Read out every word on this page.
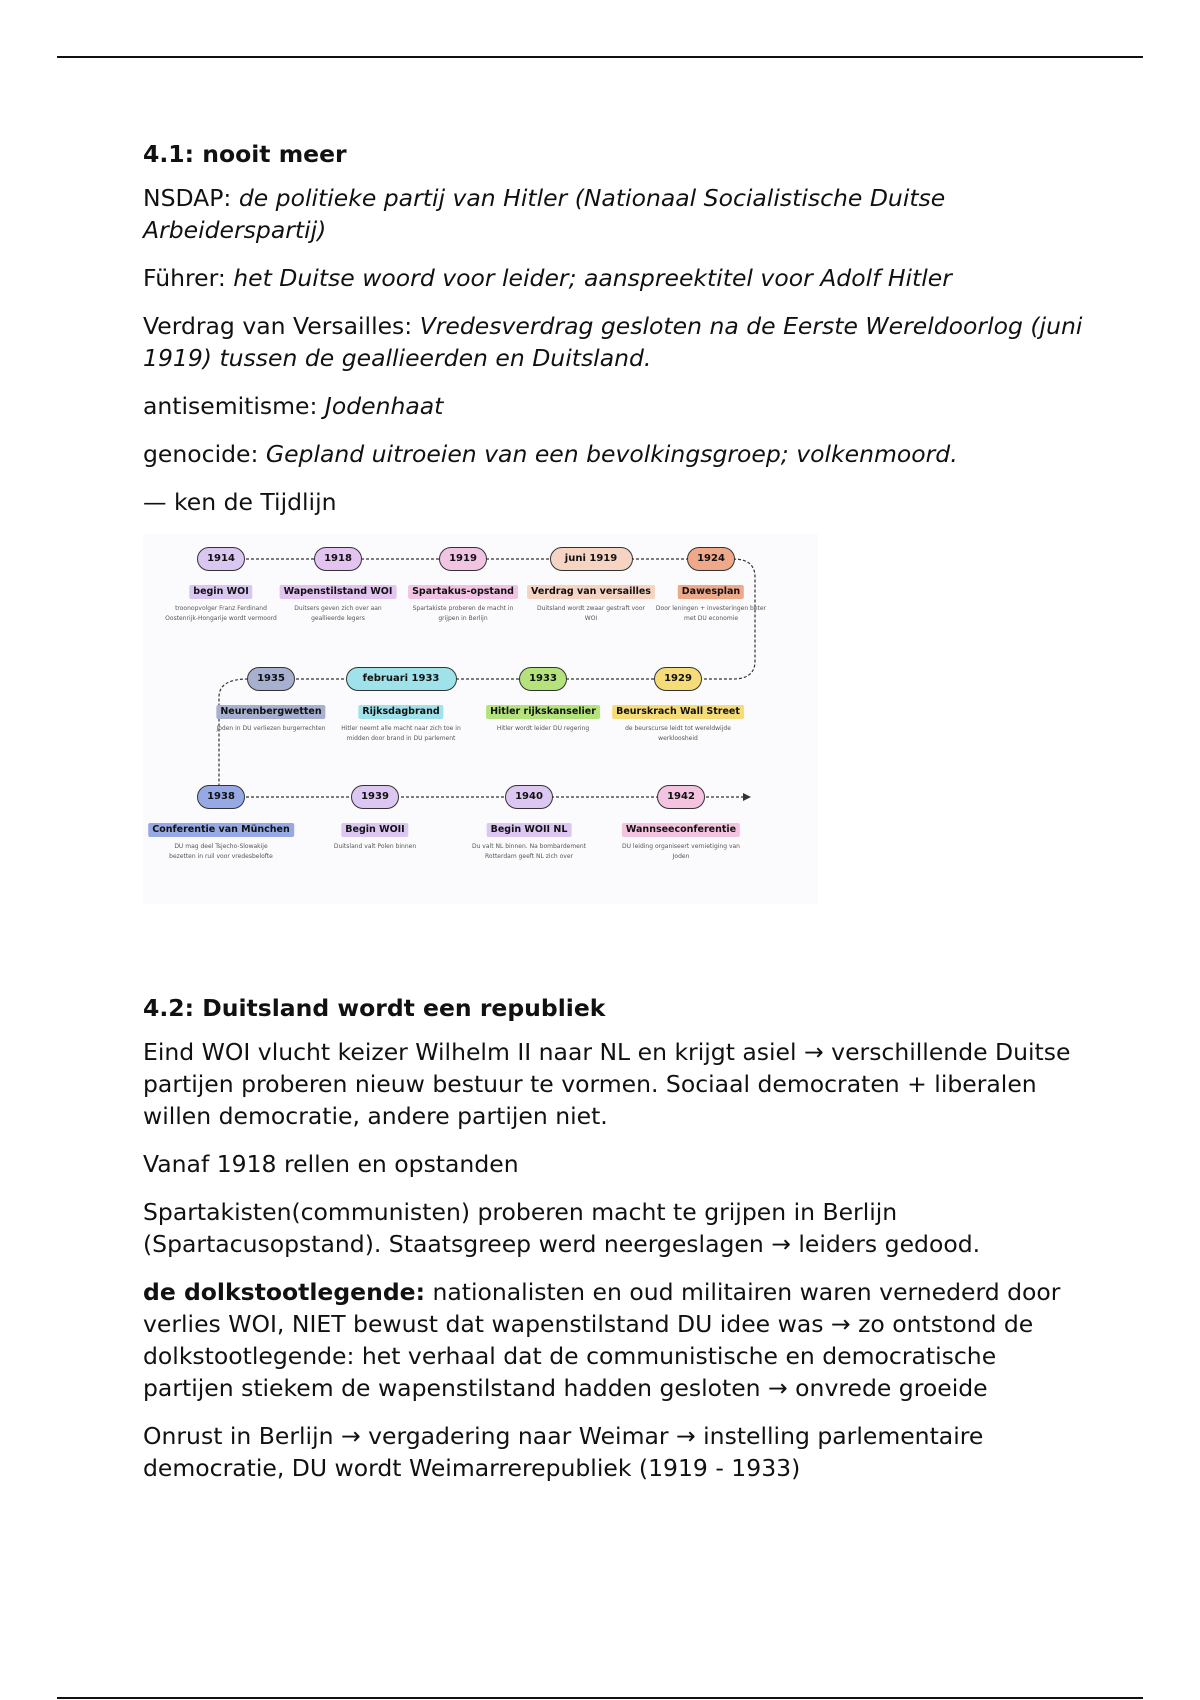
4.1: nooit meer

NSDAP: de politieke partij van Hitler (Nationaal Socialistische Duitse Arbeiderspartij)

Führer: het Duitse woord voor leider; aanspreektitel voor Adolf Hitler

Verdrag van Versailles: Vredesverdrag gesloten na de Eerste Wereldoorlog (juni 1919) tussen de geallieerden en Duitsland.

antisemitisme: Jodenhaat

genocide: Gepland uitroeien van een bevolkingsgroep; volkenmoord.

— ken de Tijdlijn

1914
begin WOI
troonopvolger Franz Ferdinand Oostenrijk-Hongarije wordt vermoord
1918
Wapenstilstand WOI
Duitsers geven zich over aan geallieerde legers
1919
Spartakus-opstand
Spartakiste proberen de macht in grijpen in Berlijn
juni 1919
Verdrag van versailles
Duitsland wordt zwaar gestraft voor WOI
1924
Dawesplan
Door leningen + investeringen beter met DU economie
1929
Beurskrach Wall Street
de beurscurse leidt tot wereldwijde werkloosheid
1933
Hitler rijkskanselier
Hitler wordt leider DU regering
februari 1933
Rijksdagbrand
Hitler neemt alle macht naar zich toe in midden door brand in DU parlement
1935
Neurenbergwetten
Joden in DU verliezen burgerrechten
1938
Conferentie van München
DU mag deel Tsjecho-Slowakije bezetten in ruil voor vredesbelofte
1939
Begin WOII
Duitsland valt Polen binnen
1940
Begin WOII NL
Du valt NL binnen. Na bombardement Rotterdam geeft NL zich over
1942
Wannseeconferentie
DU leiding organiseert vernietiging van Joden
4.2: Duitsland wordt een republiek

Eind WOI vlucht keizer Wilhelm II naar NL en krijgt asiel → verschillende Duitse partijen proberen nieuw bestuur te vormen. Sociaal democraten + liberalen willen democratie, andere partijen niet.

Vanaf 1918 rellen en opstanden

Spartakisten(communisten) proberen macht te grijpen in Berlijn (Spartacusopstand). Staatsgreep werd neergeslagen → leiders gedood.

de dolkstootlegende: nationalisten en oud militairen waren vernederd door verlies WOI, NIET bewust dat wapenstilstand DU idee was → zo ontstond de dolkstootlegende: het verhaal dat de communistische en democratische partijen stiekem de wapenstilstand hadden gesloten → onvrede groeide

Onrust in Berlijn → vergadering naar Weimar → instelling parlementaire democratie, DU wordt Weimarrerepubliek (1919 - 1933)
